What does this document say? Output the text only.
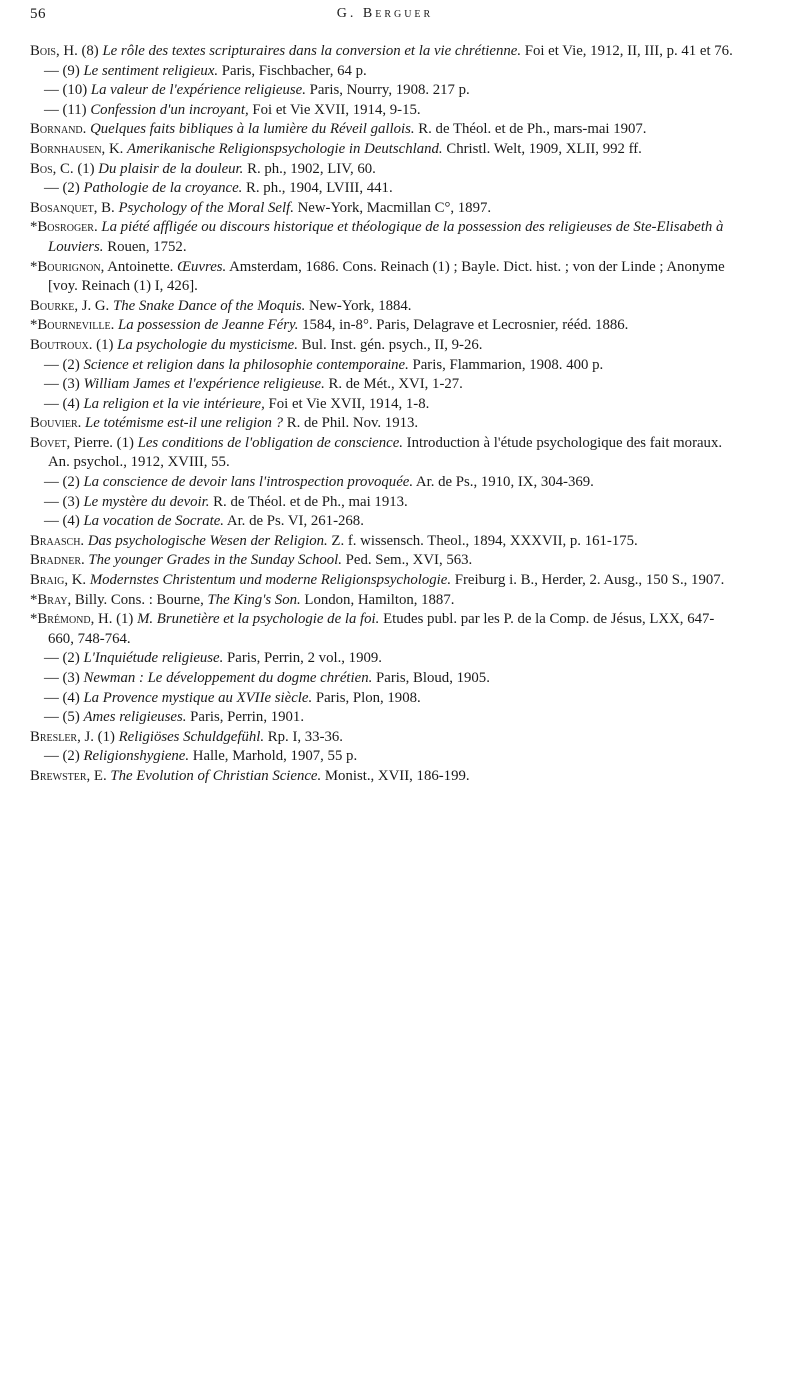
56	G. Berguer

Bois, H. (8) Le rôle des textes scripturaires dans la conversion et la vie chrétienne. Foi et Vie, 1912, II, III, p. 41 et 76.

— (9) Le sentiment religieux. Paris, Fischbacher, 64 p.

— (10) La valeur de l'expérience religieuse. Paris, Nourry, 1908. 217 p.

— (11) Confession d'un incroyant, Foi et Vie XVII, 1914, 9-15.

Bornand. Quelques faits bibliques à la lumière du Réveil gallois. R. de Théol. et de Ph., mars-mai 1907.

Bornhausen, K. Amerikanische Religionspsychologie in Deutschland. Christl. Welt, 1909, XLII, 992 ff.

Bos, C. (1) Du plaisir de la douleur. R. ph., 1902, LIV, 60.

— (2) Pathologie de la croyance. R. ph., 1904, LVIII, 441.

Bosanquet, B. Psychology of the Moral Self. New-York, Macmillan C°, 1897.

*Bosroger. La piété affligée ou discours historique et théologique de la possession des religieuses de Ste-Elisabeth à Louviers. Rouen, 1752.

*Bourignon, Antoinette. Œuvres. Amsterdam, 1686. Cons. Reinach (1) ; Bayle. Dict. hist. ; von der Linde ; Anonyme [voy. Reinach (1) I, 426].

Bourke, J. G. The Snake Dance of the Moquis. New-York, 1884.

*Bourneville. La possession de Jeanne Féry. 1584, in-8°. Paris, Delagrave et Lecrosnier, rééd. 1886.

Boutroux. (1) La psychologie du mysticisme. Bul. Inst. gén. psych., II, 9-26.

— (2) Science et religion dans la philosophie contemporaine. Paris, Flammarion, 1908. 400 p.

— (3) William James et l'expérience religieuse. R. de Mét., XVI, 1-27.

— (4) La religion et la vie intérieure, Foi et Vie XVII, 1914, 1-8.

Bouvier. Le totémisme est-il une religion ? R. de Phil. Nov. 1913.

Bovet, Pierre. (1) Les conditions de l'obligation de conscience. Introduction à l'étude psychologique des fait moraux. An. psychol., 1912, XVIII, 55.

— (2) La conscience de devoir lans l'introspection provoquée. Ar. de Ps., 1910, IX, 304-369.

— (3) Le mystère du devoir. R. de Théol. et de Ph., mai 1913.

— (4) La vocation de Socrate. Ar. de Ps. VI, 261-268.

Braasch. Das psychologische Wesen der Religion. Z. f. wissensch. Theol., 1894, XXXVII, p. 161-175.

Bradner. The younger Grades in the Sunday School. Ped. Sem., XVI, 563.

Braig, K. Modernstes Christentum und moderne Religionspsychologie. Freiburg i. B., Herder, 2. Ausg., 150 S., 1907.

*Bray, Billy. Cons. : Bourne, The King's Son. London, Hamilton, 1887.

*Brémond, H. (1) M. Brunetière et la psychologie de la foi. Etudes publ. par les P. de la Comp. de Jésus, LXX, 647-660, 748-764.

— (2) L'Inquiétude religieuse. Paris, Perrin, 2 vol., 1909.

— (3) Newman : Le développement du dogme chrétien. Paris, Bloud, 1905.

— (4) La Provence mystique au XVIIe siècle. Paris, Plon, 1908.

— (5) Ames religieuses. Paris, Perrin, 1901.

Bresler, J. (1) Religiöses Schuldgefühl. Rp. I, 33-36.

— (2) Religionshygiene. Halle, Marhold, 1907, 55 p.

Brewster, E. The Evolution of Christian Science. Monist., XVII, 186-199.
